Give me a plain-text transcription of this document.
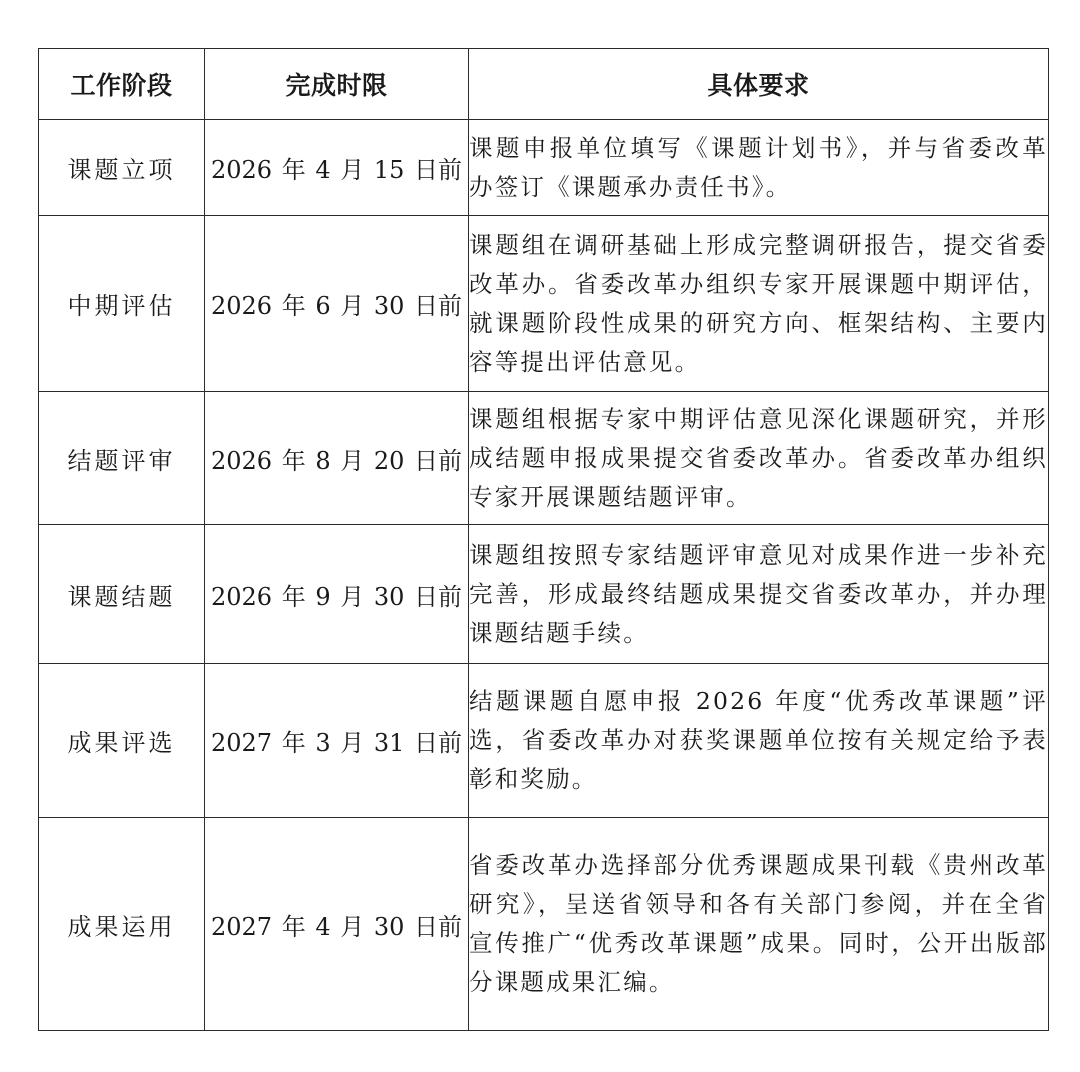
工作阶段	完成时限	具体要求
课题立项	2026 年 4 月 15 日前	课题申报单位填写《课题计划书》，并与省委改革办签订《课题承办责任书》。
中期评估	2026 年 6 月 30 日前	课题组在调研基础上形成完整调研报告，提交省委改革办。省委改革办组织专家开展课题中期评估，就课题阶段性成果的研究方向、框架结构、主要内容等提出评估意见。
结题评审	2026 年 8 月 20 日前	课题组根据专家中期评估意见深化课题研究，并形成结题申报成果提交省委改革办。省委改革办组织专家开展课题结题评审。
课题结题	2026 年 9 月 30 日前	课题组按照专家结题评审意见对成果作进一步补充完善，形成最终结题成果提交省委改革办，并办理课题结题手续。
成果评选	2027 年 3 月 31 日前	结题课题自愿申报 2026 年度“优秀改革课题”评选，省委改革办对获奖课题单位按有关规定给予表彰和奖励。
成果运用	2027 年 4 月 30 日前	省委改革办选择部分优秀课题成果刊载《贵州改革研究》，呈送省领导和各有关部门参阅，并在全省宣传推广“优秀改革课题”成果。同时，公开出版部分课题成果汇编。
